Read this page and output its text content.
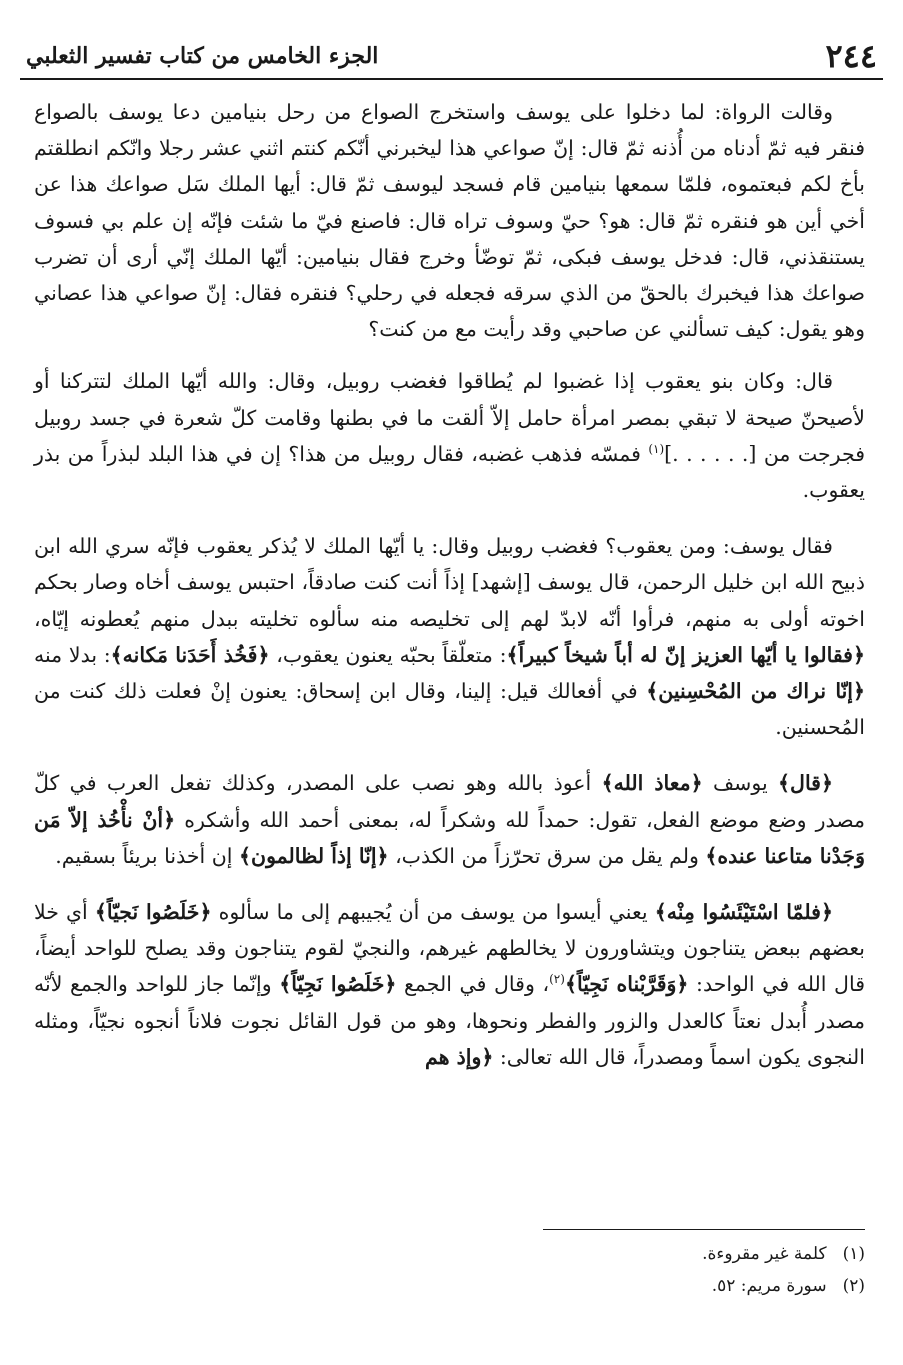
٢٤٤
الجزء الخامس من كتاب تفسير الثعلبي

وقالت الرواة: لما دخلوا على يوسف واستخرج الصواع من رحل بنيامين دعا يوسف بالصواع فنقر فيه ثمّ أدناه من أُذنه ثمّ قال: إنّ صواعي هذا ليخبرني أنّكم كنتم اثني عشر رجلا وانّكم انطلقتم بأخ لكم فبعتموه، فلمّا سمعها بنيامين قام فسجد ليوسف ثمّ قال: أيها الملك سَل صواعك هذا عن أخي أين هو فنقره ثمّ قال: هو؟ حيّ وسوف تراه قال: فاصنع فيّ ما شئت فإنّه إن علم بي فسوف يستنقذني، قال: فدخل يوسف فبكى، ثمّ توضّأ وخرج فقال بنيامين: أيّها الملك إنّي أرى أن تضرب صواعك هذا فيخبرك بالحقّ من الذي سرقه فجعله في رحلي؟ فنقره فقال: إنّ صواعي هذا عصاني وهو يقول: كيف تسألني عن صاحبي وقد رأيت مع من كنت؟

قال: وكان بنو يعقوب إذا غضبوا لم يُطاقوا فغضب روبيل، وقال: والله أيّها الملك لتتركنا أو لأصيحنّ صيحة لا تبقي بمصر امرأة حامل إلاّ ألقت ما في بطنها وقامت كلّ شعرة في جسد روبيل فجرجت من [. . . . . .]$^{(١)}$ فمسّه فذهب غضبه، فقال روبيل من هذا؟ إن في هذا البلد لبذراً من بذر يعقوب.

فقال يوسف: ومن يعقوب؟ فغضب روبيل وقال: يا أيّها الملك لا يُذكر يعقوب فإنّه سري الله ابن ذبيح الله ابن خليل الرحمن، قال يوسف [إشهد] إذاً أنت كنت صادقاً، احتبس يوسف أخاه وصار بحكم اخوته أولى به منهم، فرأوا أنّه لابدّ لهم إلى تخليصه منه سألوه تخليته ببدل منهم يُعطونه إيّاه، ﴿فقالوا يا أيّها العزيز إنّ له أباً شيخاً كبيراً﴾: متعلّقاً بحبّه يعنون يعقوب، ﴿فَخُذ أَحَدَنا مَكانه﴾: بدلا منه ﴿إنّا نراك من المُحْسِنين﴾ في أفعالك قيل: إلينا، وقال ابن إسحاق: يعنون إنْ فعلت ذلك كنت من المُحسنين.

﴿قال﴾ يوسف ﴿معاذ الله﴾ أعوذ بالله وهو نصب على المصدر، وكذلك تفعل العرب في كلّ مصدر وضع موضع الفعل، تقول: حمداً لله وشكراً له، بمعنى أحمد الله وأشكره ﴿أنْ نأْخُذ إلاّ مَن وَجَدْنا متاعنا عنده﴾ ولم يقل من سرق تحرّزاً من الكذب، ﴿إنّا إذاً لظالمون﴾ إن أخذنا بريئاً بسقيم.

﴿فلمّا اسْتَيْئَسُوا مِنْه﴾ يعني أيسوا من يوسف من أن يُجيبهم إلى ما سألوه ﴿خَلَصُوا نَجيّاً﴾ أي خلا بعضهم ببعض يتناجون ويتشاورون لا يخالطهم غيرهم، والنجيّ لقوم يتناجون وقد يصلح للواحد أيضاً، قال الله في الواحد: ﴿وَقَرَّبْناه نَجِيّاً﴾$^{(٢)}$، وقال في الجمع ﴿خَلَصُوا نَجِيّاً﴾ وإنّما جاز للواحد والجمع لأنّه مصدر أُبدل نعتاً كالعدل والزور والفطر ونحوها، وهو من قول القائل نجوت فلاناً أنجوه نجيّاً، ومثله النجوى يكون اسماً ومصدراً، قال الله تعالى: ﴿وإذ هم

(١)كلمة غير مقروءة.
(٢)سورة مريم: ٥٢.
